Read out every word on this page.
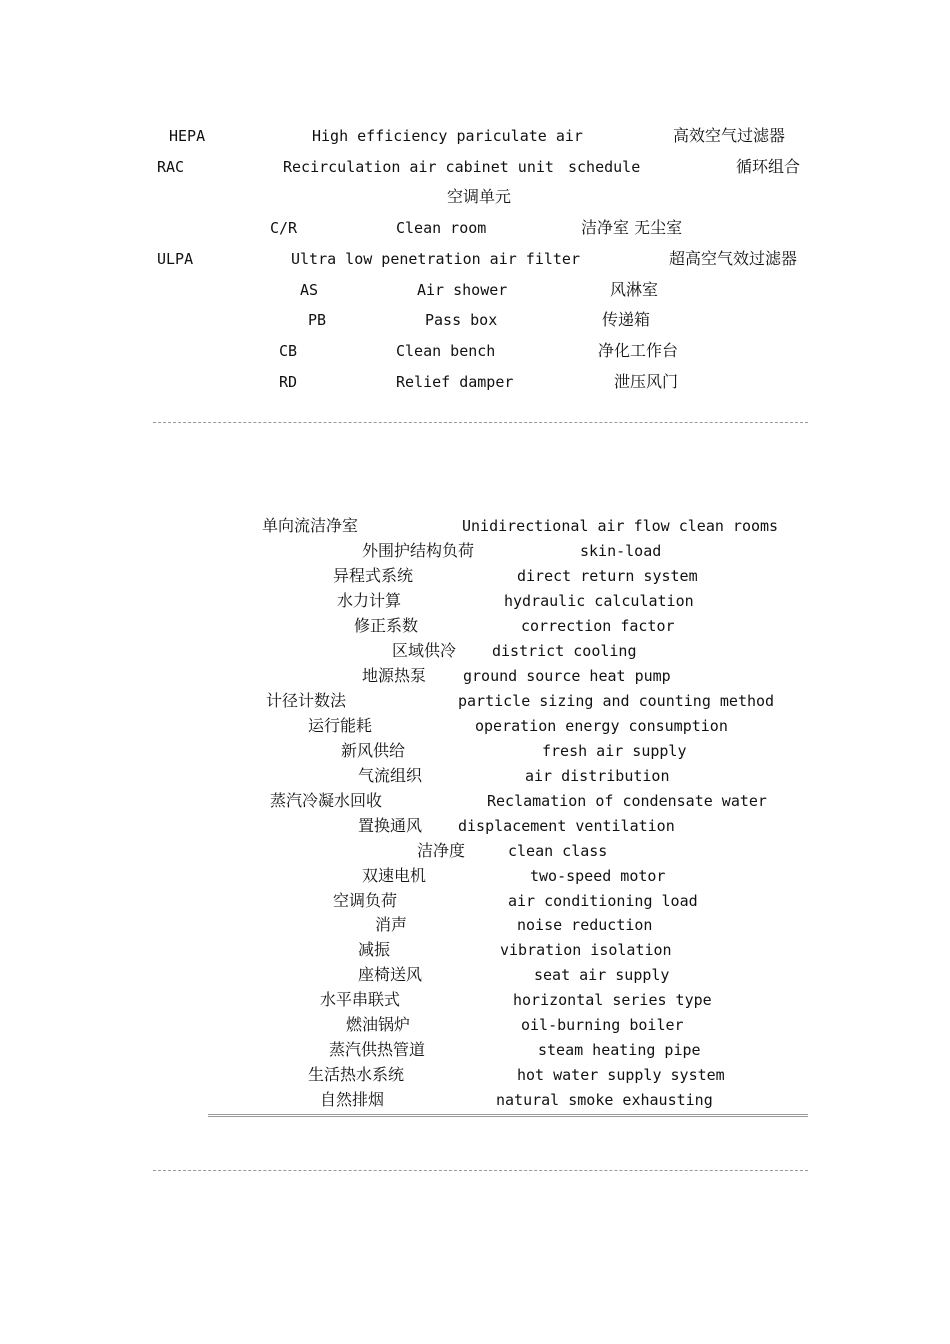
HEPA	High efficiency pariculate air	高效空气过滤器
RAC	Recirculation air cabinet unit schedule	循环组合
空调单元
C/R	Clean room	洁净室 无尘室
ULPA	Ultra low penetration air filter	超高空气效过滤器
AS	Air shower	风淋室
PB	Pass box	传递箱
CB	Clean bench	净化工作台
RD	Relief damper	泄压风门
单向流洁净室	Unidirectional air flow clean rooms
外围护结构负荷	skin-load
异程式系统	direct return system
水力计算	hydraulic calculation
修正系数	correction factor
区域供冷 district cooling
地源热泵 ground source heat pump
计径计数法	particle sizing and counting method
运行能耗	operation energy consumption
新风供给	fresh air supply
气流组织	air distribution
蒸汽冷凝水回收	Reclamation of condensate water
置换通风 displacement ventilation
洁净度	clean class
双速电机	two-speed motor
空调负荷	air conditioning load
消声	noise reduction
减振	vibration isolation
座椅送风	seat air supply
水平串联式	horizontal series type
燃油锅炉	oil-burning boiler
蒸汽供热管道	steam heating pipe
生活热水系统	hot water supply system
自然排烟	natural smoke exhausting
